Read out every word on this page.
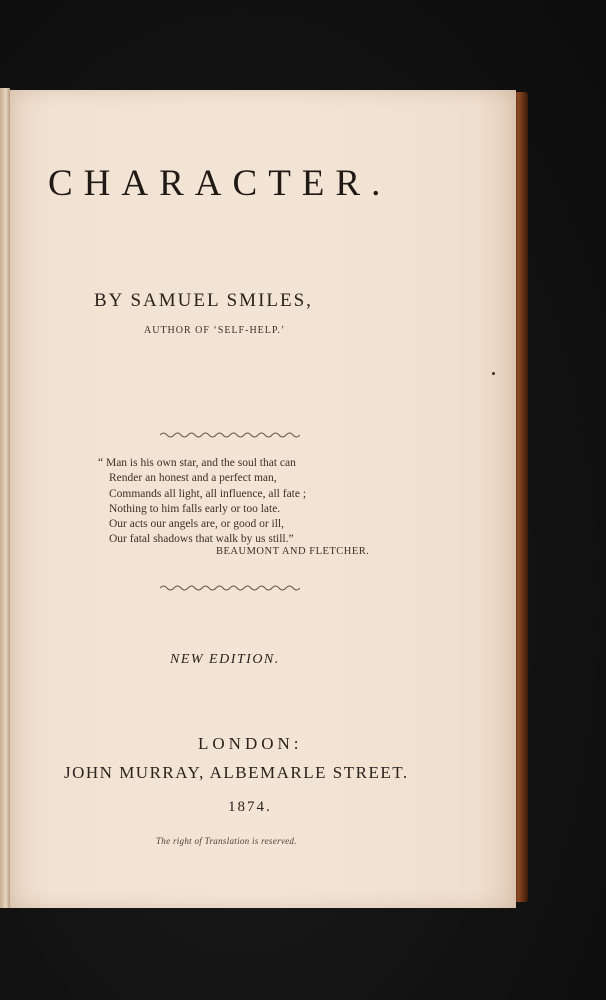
CHARACTER.
BY SAMUEL SMILES,
AUTHOR OF ‘SELF-HELP.’
“ Man is his own star, and the soul that can
Render an honest and a perfect man,
Commands all light, all influence, all fate ;
Nothing to him falls early or too late.
Our acts our angels are, or good or ill,
Our fatal shadows that walk by us still.”
BEAUMONT AND FLETCHER.
NEW EDITION.
LONDON:
JOHN MURRAY, ALBEMARLE STREET.
1874.
The right of Translation is reserved.
